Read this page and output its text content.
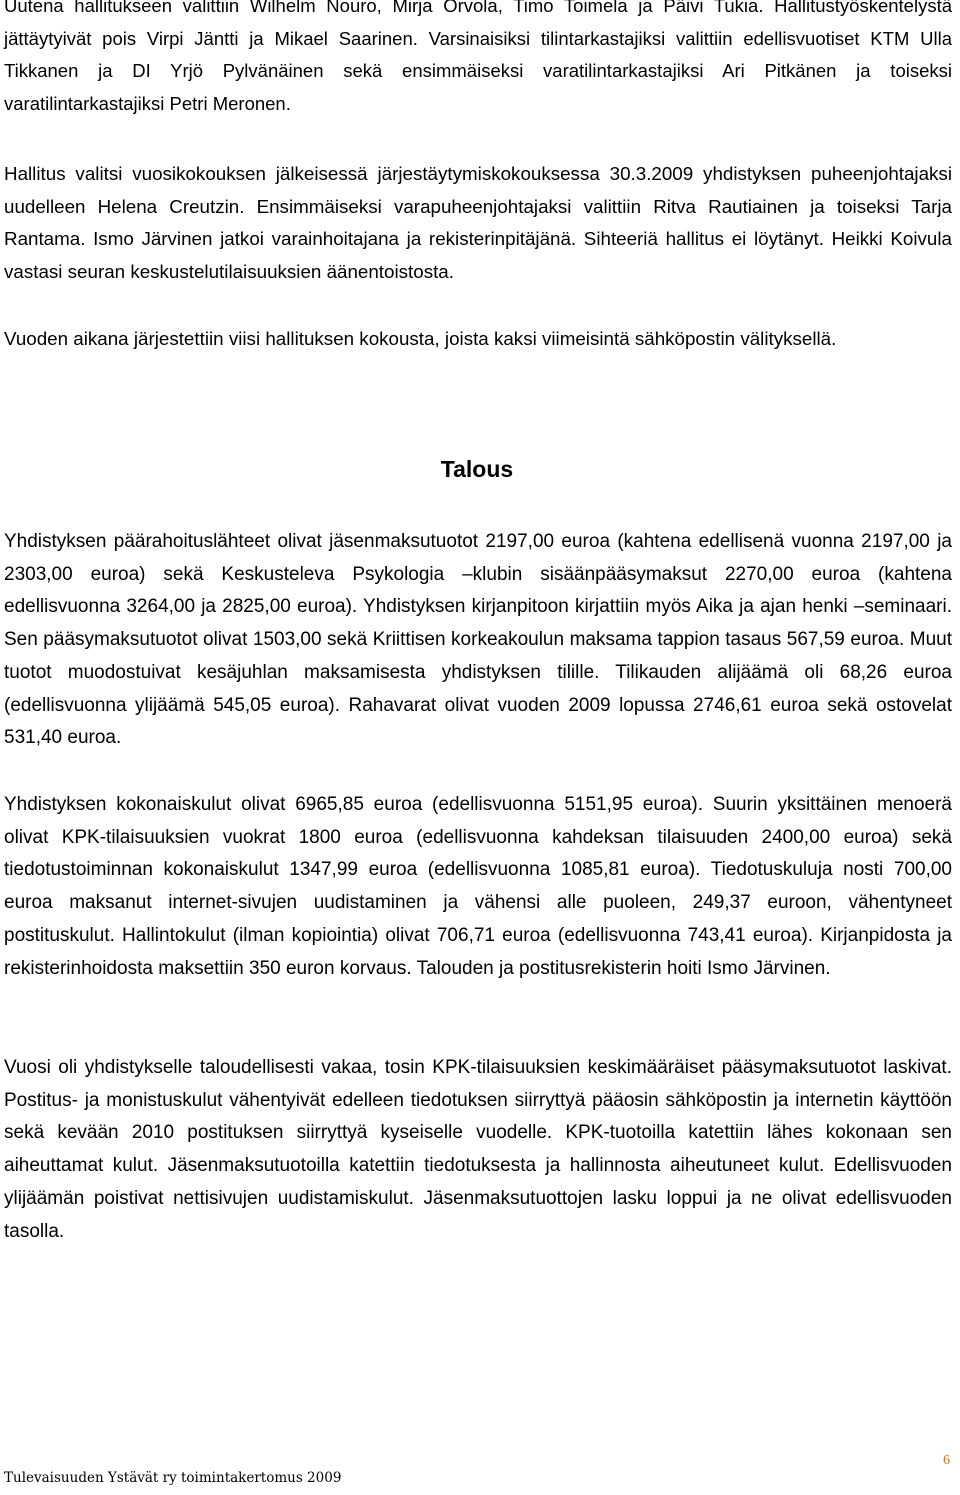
Uutena hallitukseen valittiin Wilhelm Nouro, Mirja Orvola, Timo Toimela ja Päivi Tukia. Hallitustyöskentelystä jättäytyivät pois Virpi Jäntti ja Mikael Saarinen. Varsinaisiksi tilintarkastajiksi valittiin edellisvuotiset KTM Ulla Tikkanen ja DI Yrjö Pylvänäinen sekä ensimmäiseksi varatilintarkastajiksi Ari Pitkänen ja toiseksi varatilintarkastajiksi Petri Meronen.

Hallitus valitsi vuosikokouksen jälkeisessä järjestäytymiskokouksessa 30.3.2009 yhdistyksen puheenjohtajaksi uudelleen Helena Creutzin. Ensimmäiseksi varapuheenjohtajaksi valittiin Ritva Rautiainen ja toiseksi Tarja Rantama. Ismo Järvinen jatkoi varainhoitajana ja rekisterinpitäjänä. Sihteeriä hallitus ei löytänyt. Heikki Koivula vastasi seuran keskustelutilaisuuksien äänentoistosta.

Vuoden aikana järjestettiin viisi hallituksen kokousta, joista kaksi viimeisintä sähköpostin välityksellä.

Talous

Yhdistyksen päärahoituslähteet olivat jäsenmaksutuotot 2197,00 euroa (kahtena edellisenä vuonna 2197,00 ja 2303,00 euroa) sekä Keskusteleva Psykologia –klubin sisäänpääsymaksut 2270,00 euroa (kahtena edellisvuonna 3264,00 ja 2825,00 euroa). Yhdistyksen kirjanpitoon kirjattiin myös Aika ja ajan henki –seminaari. Sen pääsymaksutuotot olivat 1503,00 sekä Kriittisen korkeakoulun maksama tappion tasaus 567,59 euroa. Muut tuotot muodostuivat kesäjuhlan maksamisesta yhdistyksen tilille. Tilikauden alijäämä oli 68,26 euroa (edellisvuonna ylijäämä 545,05 euroa). Rahavarat olivat vuoden 2009 lopussa 2746,61 euroa sekä ostovelat 531,40 euroa.

Yhdistyksen kokonaiskulut olivat 6965,85 euroa (edellisvuonna 5151,95 euroa). Suurin yksittäinen menoerä olivat KPK-tilaisuuksien vuokrat 1800 euroa (edellisvuonna kahdeksan tilaisuuden 2400,00 euroa) sekä tiedotustoiminnan kokonaiskulut 1347,99 euroa (edellisvuonna 1085,81 euroa). Tiedotuskuluja nosti 700,00 euroa maksanut internet-sivujen uudistaminen ja vähensi alle puoleen, 249,37 euroon, vähentyneet postituskulut. Hallintokulut (ilman kopiointia) olivat 706,71 euroa (edellisvuonna 743,41 euroa). Kirjanpidosta ja rekisterinhoidosta maksettiin 350 euron korvaus. Talouden ja postitusrekisterin hoiti Ismo Järvinen.

Vuosi oli yhdistykselle taloudellisesti vakaa, tosin KPK-tilaisuuksien keskimääräiset pääsymaksutuotot laskivat. Postitus- ja monistuskulut vähentyivät edelleen tiedotuksen siirryttyä pääosin sähköpostin ja internetin käyttöön sekä kevään 2010 postituksen siirryttyä kyseiselle vuodelle. KPK-tuotoilla katettiin lähes kokonaan sen aiheuttamat kulut. Jäsenmaksutuotoilla katettiin tiedotuksesta ja hallinnosta aiheutuneet kulut. Edellisvuoden ylijäämän poistivat nettisivujen uudistamiskulut. Jäsenmaksutuottojen lasku loppui ja ne olivat edellisvuoden tasolla.

6
Tulevaisuuden Ystävät ry toimintakertomus 2009
